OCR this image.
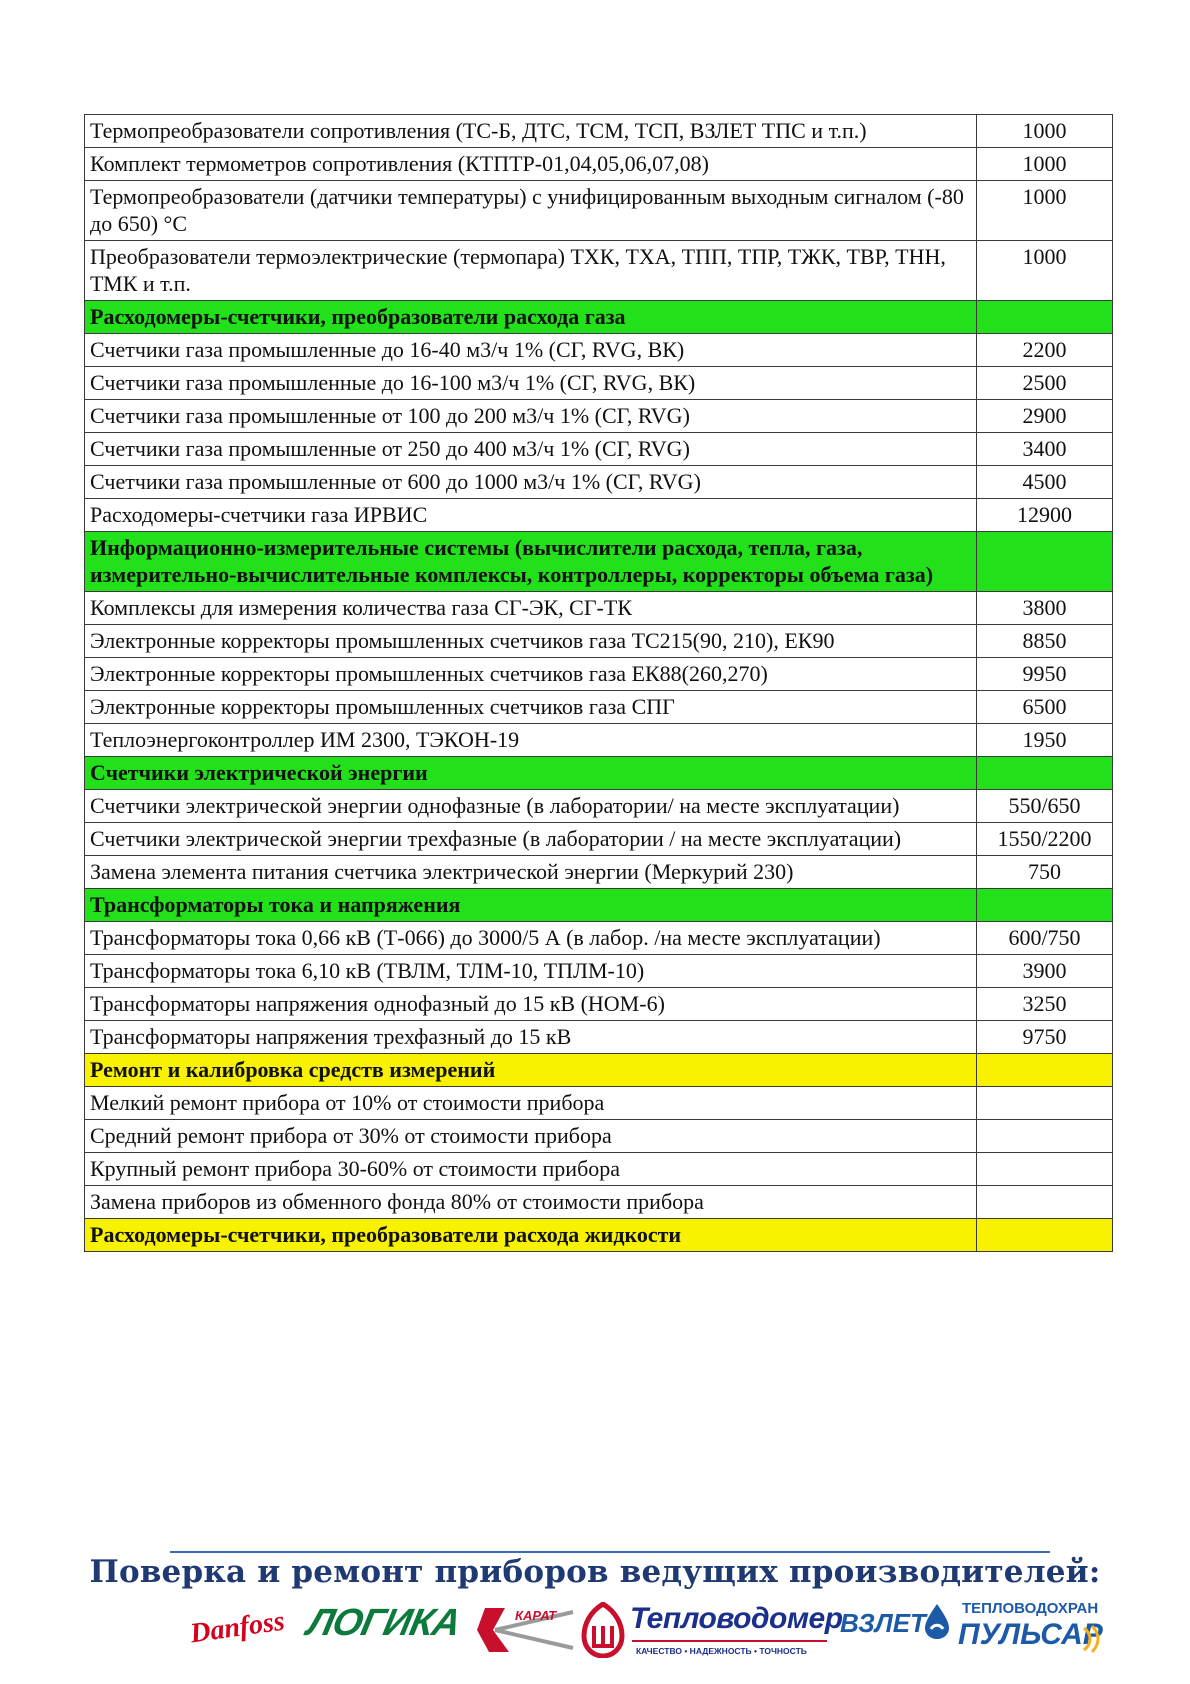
Термопреобразователи сопротивления (ТС-Б, ДТС, ТСМ, ТСП, ВЗЛЕТ ТПС и т.п.)	1000
Комплект термометров сопротивления (КТПТР-01,04,05,06,07,08)	1000
Термопреобразователи (датчики температуры) с унифицированным выходным сигналом (-80 до 650) °С	1000
Преобразователи термоэлектрические (термопара) ТХК, ТХА, ТПП, ТПР, ТЖК, ТВР, ТНН, ТМК и т.п.	1000
Расходомеры-счетчики, преобразователи расхода газа	
Счетчики газа промышленные до 16-40 м3/ч 1% (СГ, RVG, ВК)	2200
Счетчики газа промышленные до 16-100 м3/ч 1% (СГ, RVG, ВК)	2500
Счетчики газа промышленные от 100 до 200 м3/ч 1% (СГ, RVG)	2900
Счетчики газа промышленные от 250 до 400 м3/ч 1% (СГ, RVG)	3400
Счетчики газа промышленные от 600 до 1000 м3/ч 1% (СГ, RVG)	4500
Расходомеры-счетчики газа ИРВИС	12900
Информационно-измерительные системы (вычислители расхода, тепла, газа, измерительно-вычислительные комплексы, контроллеры, корректоры объема газа)	
Комплексы для измерения количества газа СГ-ЭК, СГ-ТК	3800
Электронные корректоры промышленных счетчиков газа ТС215(90, 210), ЕК90	8850
Электронные корректоры промышленных счетчиков газа ЕК88(260,270)	9950
Электронные корректоры промышленных счетчиков газа СПГ	6500
Теплоэнергоконтроллер ИМ 2300, ТЭКОН-19	1950
Счетчики электрической энергии	
Счетчики электрической энергии однофазные (в лаборатории/ на месте эксплуатации)	550/650
Счетчики электрической энергии трехфазные (в лаборатории / на месте эксплуатации)	1550/2200
Замена элемента питания счетчика электрической энергии (Меркурий 230)	750
Трансформаторы тока и напряжения	
Трансформаторы тока 0,66 кВ (Т-066) до 3000/5 А (в лабор. /на месте эксплуатации)	600/750
Трансформаторы тока 6,10 кВ (ТВЛМ, ТЛМ-10, ТПЛМ-10)	3900
Трансформаторы напряжения однофазный до 15 кВ (НОМ-6)	3250
Трансформаторы напряжения трехфазный до 15 кВ	9750
Ремонт и калибровка средств измерений	
Мелкий ремонт прибора от 10% от стоимости прибора	
Средний ремонт прибора от 30% от стоимости прибора	
Крупный ремонт прибора 30-60% от стоимости прибора	
Замена приборов из обменного фонда 80% от стоимости прибора	
Расходомеры-счетчики, преобразователи расхода жидкости	
Поверка и ремонт приборов ведущих производителей:
Danfoss ЛОГИКА	КАРАТ Тепловодомер
КАЧЕСТВО • НАДЕЖНОСТЬ • ТОЧНОСТЬ
ВЗЛЕТ ТЕПЛОВОДОХРАН
ПУЛЬСАР
